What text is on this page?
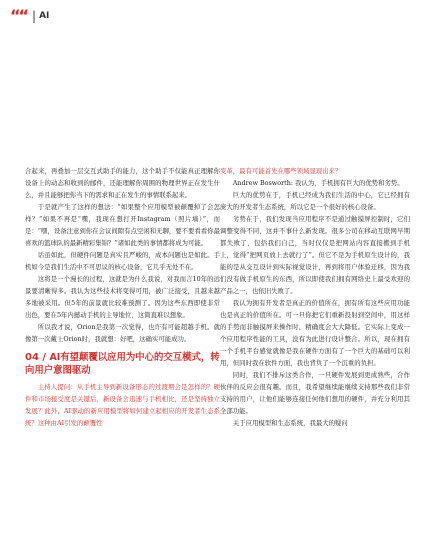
““ | AI

合起来，再叠加一层交互式助手的能力，这个助手不仅能真正理解你设备上的动态和收到的邮件，还能理解你周围的物理世界正在发生什么，并且能够把你当下的需求和正在发生的事情联系起来。

于是就产生了这样的想法：“如果整个应用模型被颠覆掉了会怎样？”如果不再是“嘿，我现在想打开Instagram（照片墙）”，而是：“嘿，设备注意到你在会议间隙有点空闲和无聊，要不要看看你最喜欢的篮球队的最新精彩集锦？”诸如此类的事情都将成为可能。

话虽如此，但硬件问题是真实且严峻的，成本问题也是如此。手机如今是我们生活中不可思议的核心设备，它几乎无处不在。

这将是一个漫长的过程，这就是为什么我说，对我而言10年的远景要清晰得多。我认为这些技术将变得可用，被广泛接受，且越来越多地被采用。但5年的前景就比较难预测了。因为这些东西即使非常出色，要在5年内撼动手机的主导地位，这简直难以想象。

所以我才说，Orion是我第一次觉得，也许有可能超越手机。就像第一次戴上Orion时，我就想：好吧，这确实可能成功。

04 / AI有望颠覆以应用为中心的交互模式，转向用户意图驱动

主持人提问：从手机主导到新设备形态的过渡期会是怎样的？硬件和市场接受度是关键后，新设备会迅速与手机相比，还是坚持独立发展？此外，AI驱动的新应用模型将如何建立起相应的开发者生态系统？这种由AI引发的颠覆性

变革，最有可能首先在哪些领域显现出来？

Andrew Bosworth: 我认为，手机拥有巨大的优势和劣势。

巨大的优势在于，手机已经成为我们生活的中心，它已经拥有庞大的开发者生态系统，所以它是一个很好的核心设备。

劣势在于，我们发现当应用程序不是通过触摸屏控制时，它们调整变得不同，这并不事什么新发现。很多公司在移动互联网早期都失败了，包括我们自己，当时仅仅是把网站内容直接搬到手机上，觉得“把网页放上去就行了”。但它不是为手机原生设计的，我能的是从交互设计到实际视觉设计，再到将用户体验迁移，因为我们没有做手机原生的东西，所以即使我们拥有网络史上最受欢迎的产品之一，也依旧失败了。

我认为拥有开发者是真正的价值所在，拥有所有这些应用功能也是真正的价值所在。可一旦你把它们重新投射到空间中，用这样的手势而非触摸屏来操作时，精确度会大大降低。它实际上变成一个应用程序性能的工具，没有为此进行设计整合。所以，现在拥有一个手机平台感觉就像是我在硬件方面有了一个巨大的基础可以利用，但同时我在软件方面，我也背负了一个沉重的负担。

同时，我们不排斥这类合作，一旦硬件发展到更成熟些，合作伙伴的反应会很有趣。而且，我希望继续能继续支持那些我们非常支持的用户，让他们能够连接任何他们想用的硬件，并充分利用其全部功能。

关于应用模型和生态系统，我最大的疑问
